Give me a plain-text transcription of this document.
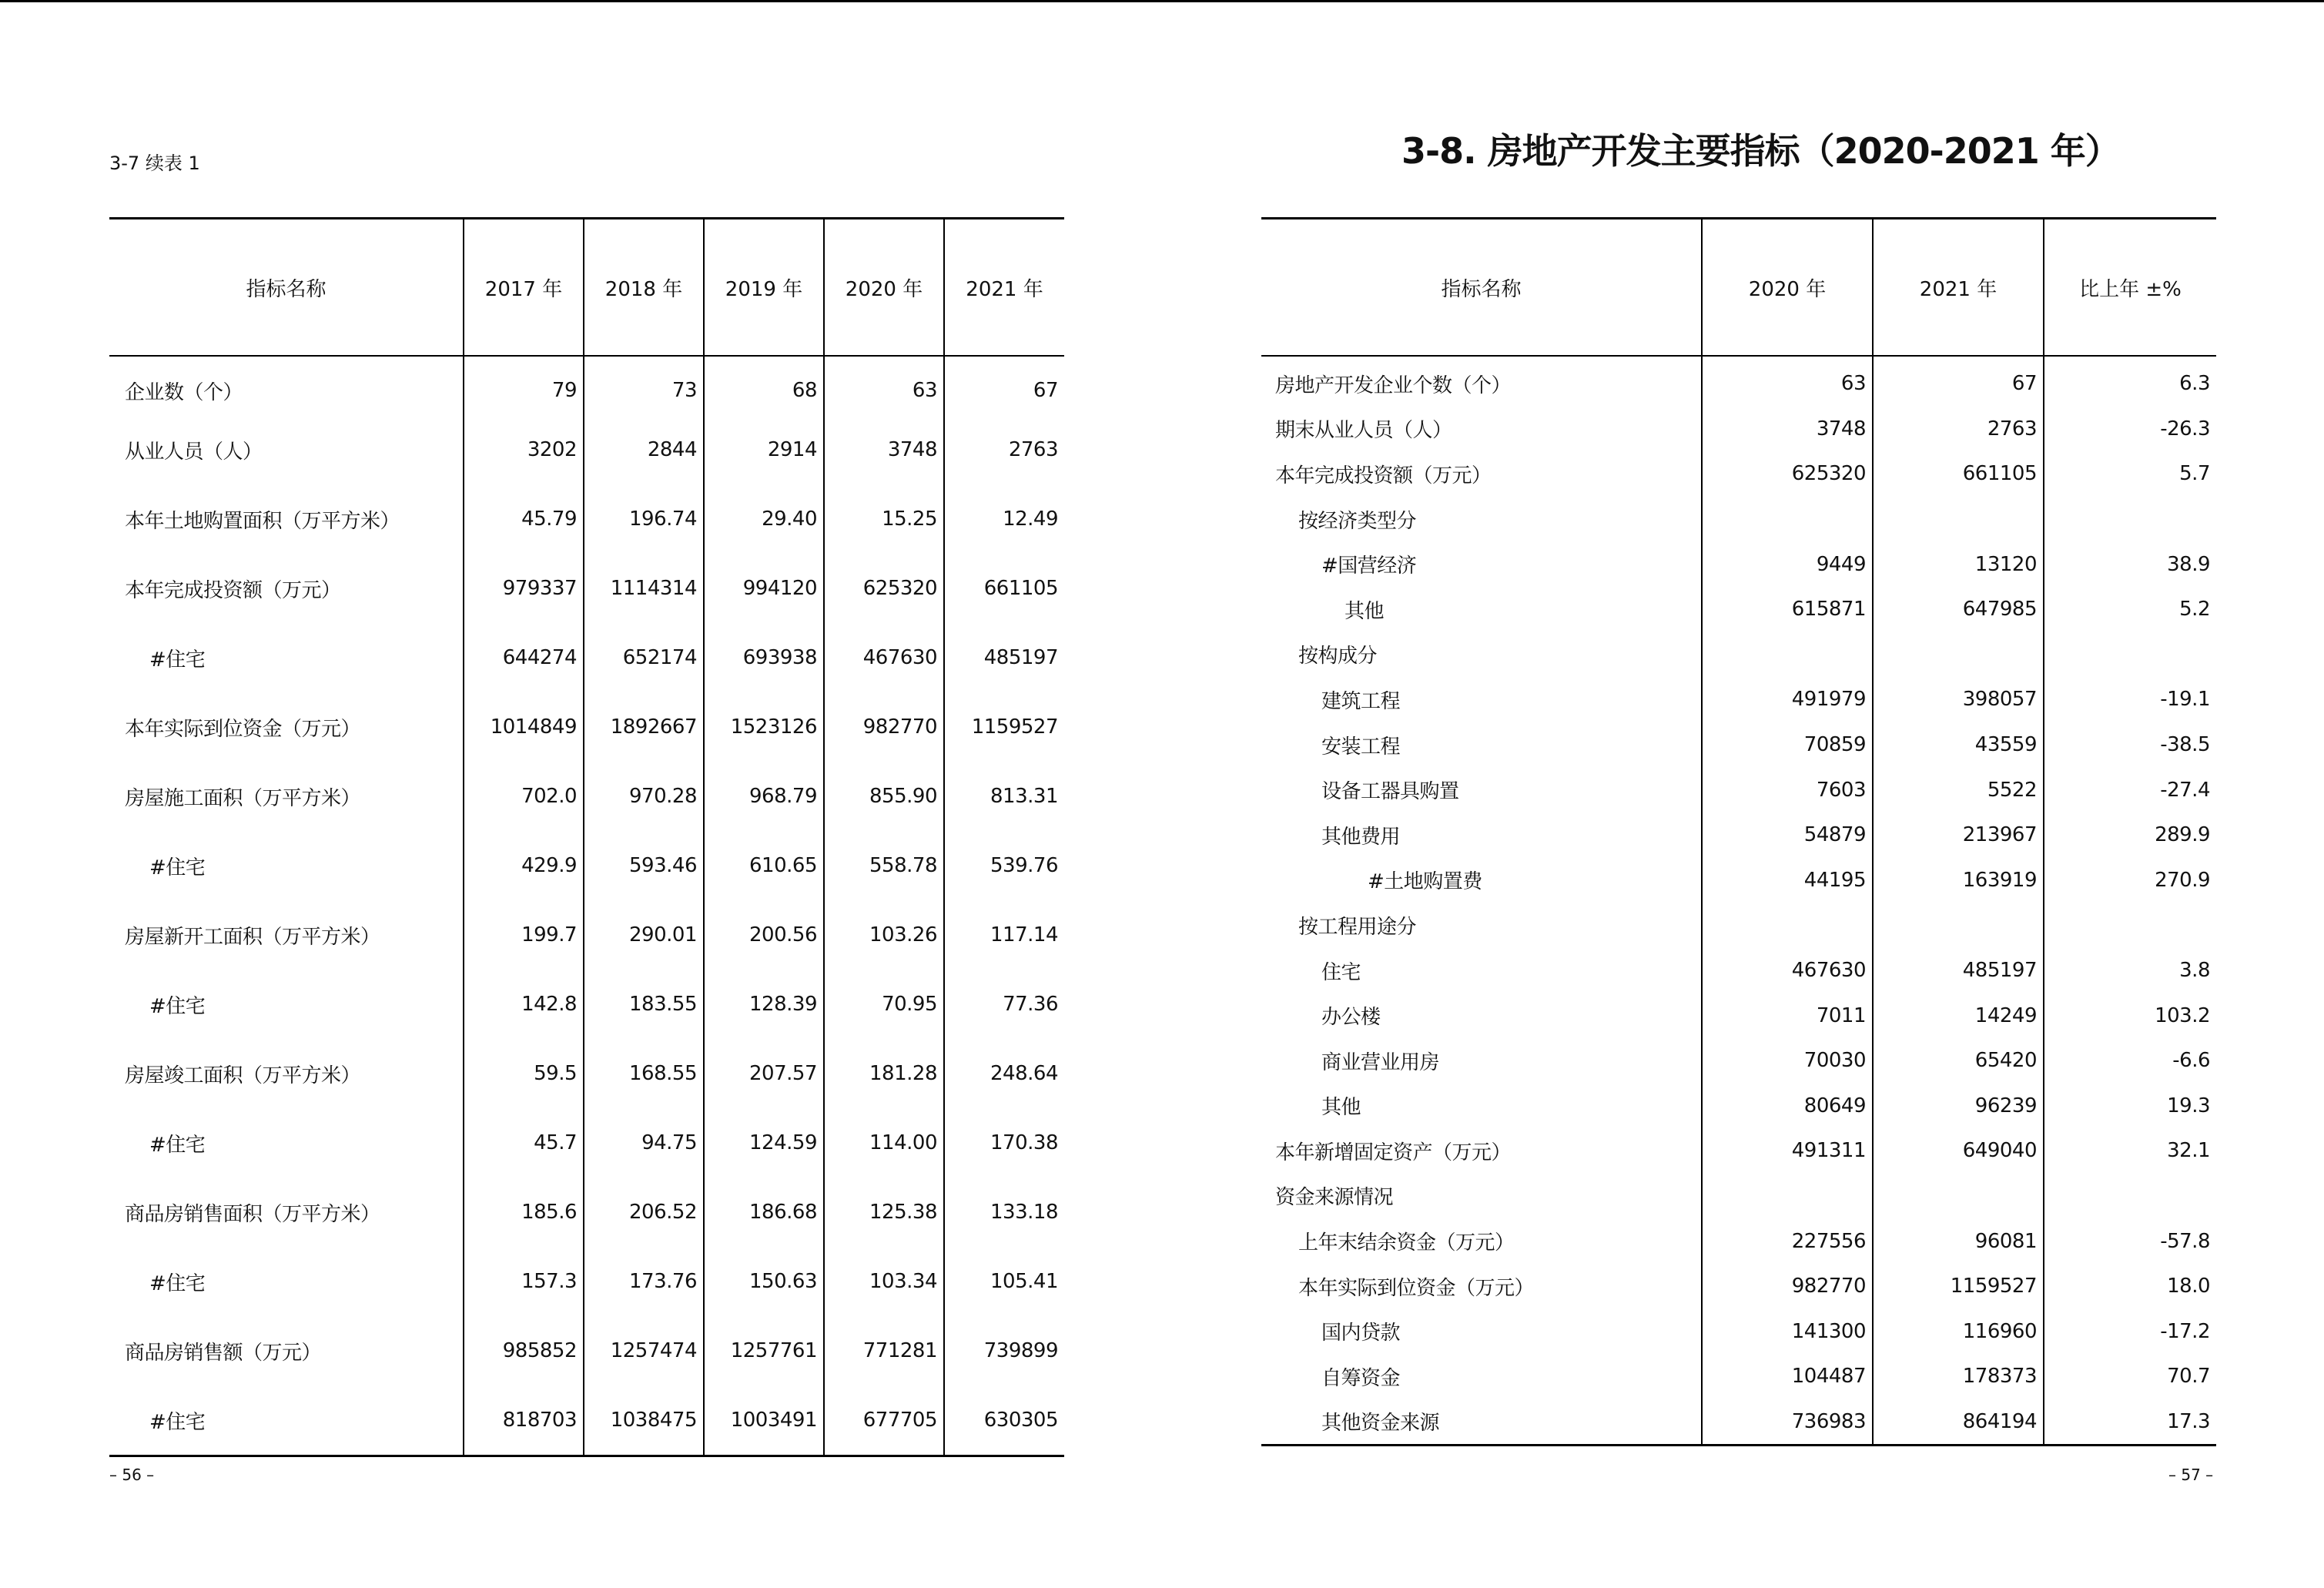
3-7 续表 1	3-8. 房地产开发主要指标（2020-2021 年）
指标名称	2017 年	2018 年	2019 年	2020 年	2021 年
企业数（个）	79	73	68	63	67
从业人员（人）	3202	2844	2914	3748	2763
本年土地购置面积（万平方米）	45.79	196.74	29.40	15.25	12.49
本年完成投资额（万元）	979337	1114314	994120	625320	661105
#住宅	644274	652174	693938	467630	485197
本年实际到位资金（万元）	1014849	1892667	1523126	982770	1159527
房屋施工面积（万平方米）	702.0	970.28	968.79	855.90	813.31
#住宅	429.9	593.46	610.65	558.78	539.76
房屋新开工面积（万平方米）	199.7	290.01	200.56	103.26	117.14
#住宅	142.8	183.55	128.39	70.95	77.36
房屋竣工面积（万平方米）	59.5	168.55	207.57	181.28	248.64
#住宅	45.7	94.75	124.59	114.00	170.38
商品房销售面积（万平方米）	185.6	206.52	186.68	125.38	133.18
#住宅	157.3	173.76	150.63	103.34	105.41
商品房销售额（万元）	985852	1257474	1257761	771281	739899
#住宅	818703	1038475	1003491	677705	630305
指标名称	2020 年	2021 年	比上年 ±%
房地产开发企业个数（个）	63	67	6.3
期末从业人员（人）	3748	2763	-26.3
本年完成投资额（万元）	625320	661105	5.7
按经济类型分			
#国营经济	9449	13120	38.9
其他	615871	647985	5.2
按构成分			
建筑工程	491979	398057	-19.1
安装工程	70859	43559	-38.5
设备工器具购置	7603	5522	-27.4
其他费用	54879	213967	289.9
#土地购置费	44195	163919	270.9
按工程用途分			
住宅	467630	485197	3.8
办公楼	7011	14249	103.2
商业营业用房	70030	65420	-6.6
其他	80649	96239	19.3
本年新增固定资产（万元）	491311	649040	32.1
资金来源情况			
上年末结余资金（万元）	227556	96081	-57.8
本年实际到位资金（万元）	982770	1159527	18.0
国内贷款	141300	116960	-17.2
自筹资金	104487	178373	70.7
其他资金来源	736983	864194	17.3
– 56 –	– 57 –
